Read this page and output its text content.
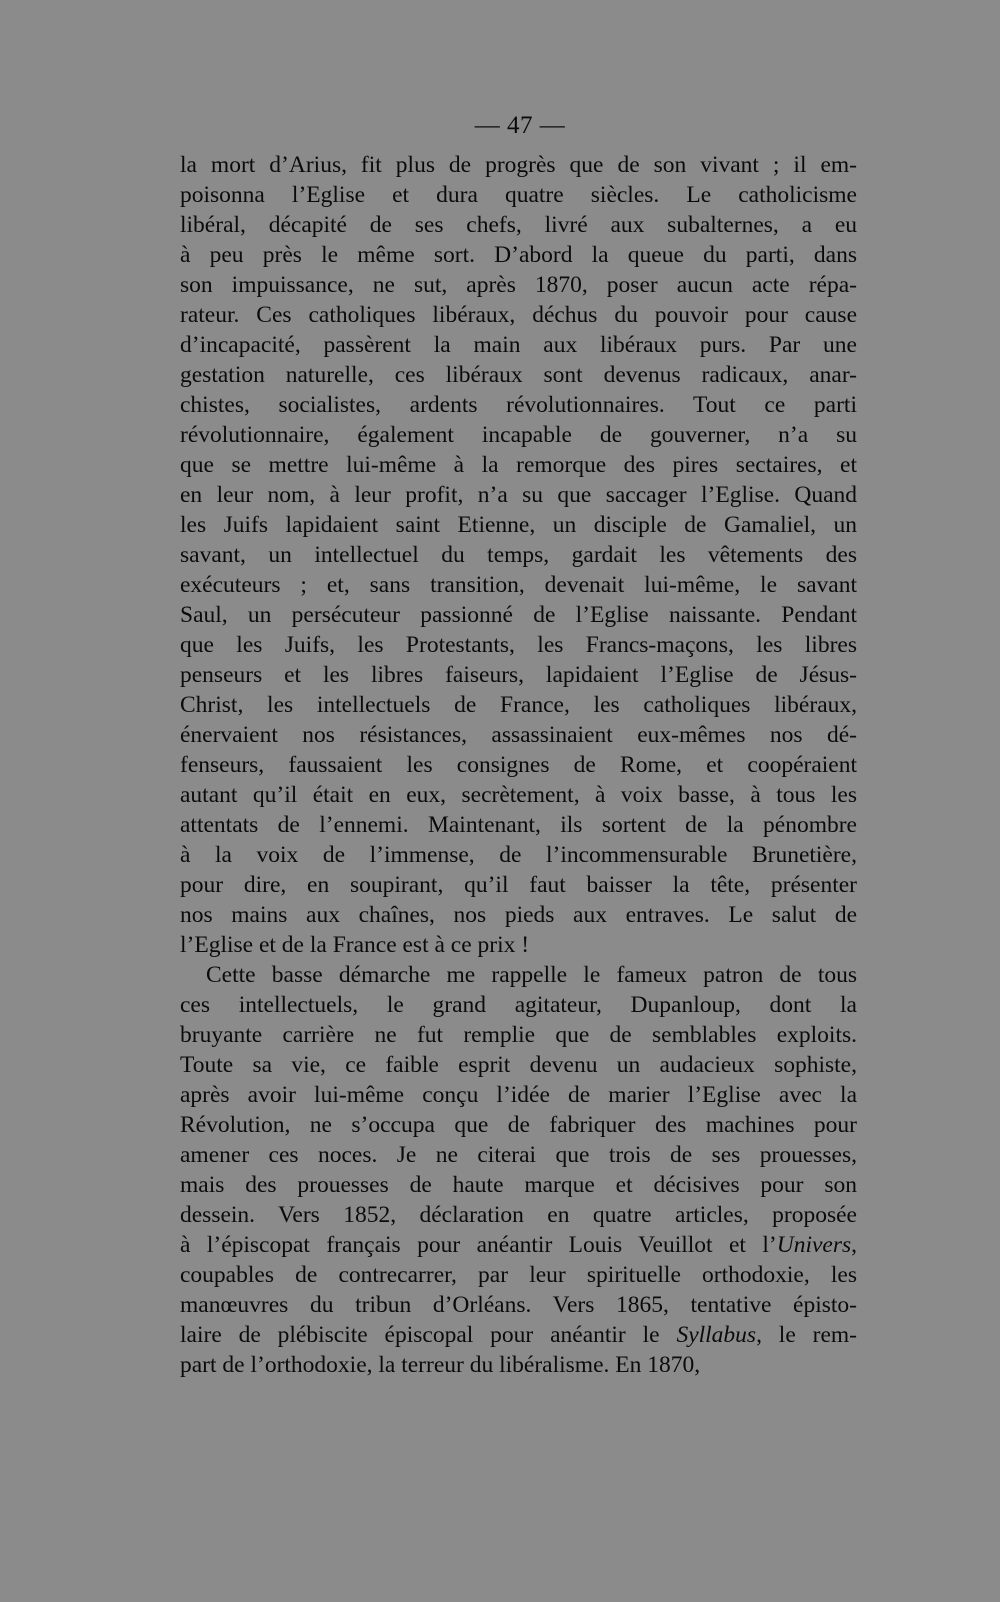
— 47 —
la mort d’Arius, fit plus de progrès que de son vivant ; il em-
poisonna l’Eglise et dura quatre siècles. Le catholicisme
libéral, décapité de ses chefs, livré aux subalternes, a eu
à peu près le même sort. D’abord la queue du parti, dans
son impuissance, ne sut, après 1870, poser aucun acte répa-
rateur. Ces catholiques libéraux, déchus du pouvoir pour cause
d’incapacité, passèrent la main aux libéraux purs. Par une
gestation naturelle, ces libéraux sont devenus radicaux, anar-
chistes, socialistes, ardents révolutionnaires. Tout ce parti
révolutionnaire, également incapable de gouverner, n’a su
que se mettre lui-même à la remorque des pires sectaires, et
en leur nom, à leur profit, n’a su que saccager l’Eglise. Quand
les Juifs lapidaient saint Etienne, un disciple de Gamaliel, un
savant, un intellectuel du temps, gardait les vêtements des
exécuteurs ; et, sans transition, devenait lui-même, le savant
Saul, un persécuteur passionné de l’Eglise naissante. Pendant
que les Juifs, les Protestants, les Francs-maçons, les libres
penseurs et les libres faiseurs, lapidaient l’Eglise de Jésus-
Christ, les intellectuels de France, les catholiques libéraux,
énervaient nos résistances, assassinaient eux-mêmes nos dé-
fenseurs, faussaient les consignes de Rome, et coopéraient
autant qu’il était en eux, secrètement, à voix basse, à tous les
attentats de l’ennemi. Maintenant, ils sortent de la pénombre
à la voix de l’immense, de l’incommensurable Brunetière,
pour dire, en soupirant, qu’il faut baisser la tête, présenter
nos mains aux chaînes, nos pieds aux entraves. Le salut de
l’Eglise et de la France est à ce prix !
Cette basse démarche me rappelle le fameux patron de tous
ces intellectuels, le grand agitateur, Dupanloup, dont la
bruyante carrière ne fut remplie que de semblables exploits.
Toute sa vie, ce faible esprit devenu un audacieux sophiste,
après avoir lui-même conçu l’idée de marier l’Eglise avec la
Révolution, ne s’occupa que de fabriquer des machines pour
amener ces noces. Je ne citerai que trois de ses prouesses,
mais des prouesses de haute marque et décisives pour son
dessein. Vers 1852, déclaration en quatre articles, proposée
à l’épiscopat français pour anéantir Louis Veuillot et l’Univers,
coupables de contrecarrer, par leur spirituelle orthodoxie, les
manœuvres du tribun d’Orléans. Vers 1865, tentative épisto-
laire de plébiscite épiscopal pour anéantir le Syllabus, le rem-
part de l’orthodoxie, la terreur du libéralisme. En 1870,
